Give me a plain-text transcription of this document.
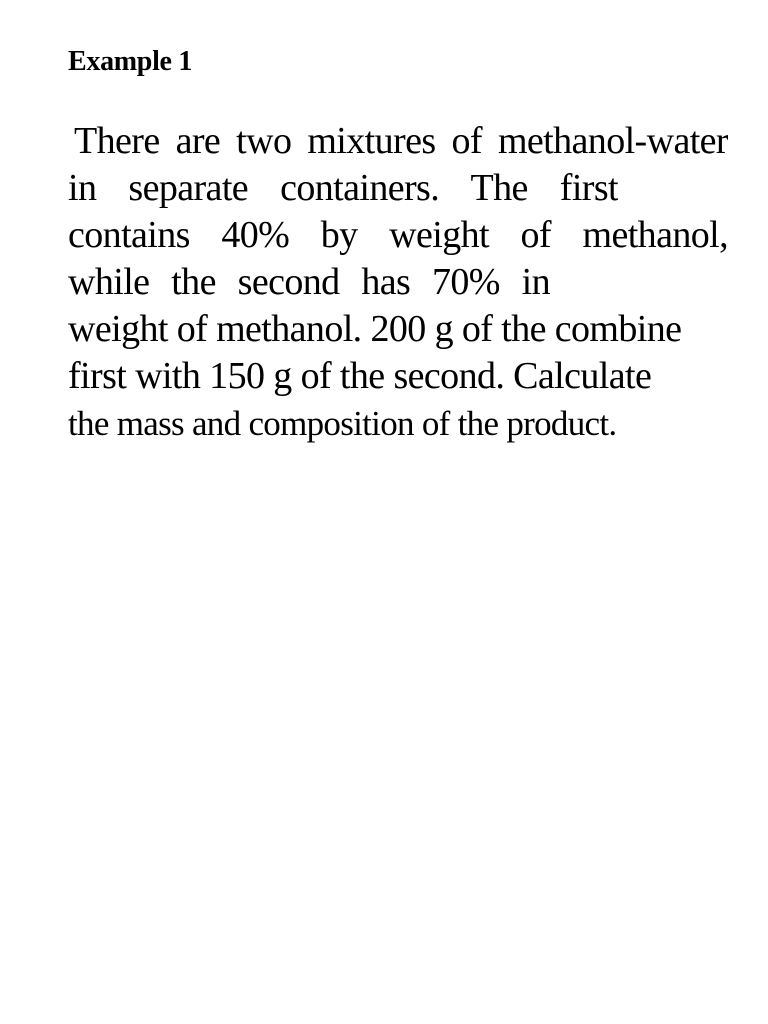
Example 1
There are two mixtures of methanol-water
in separate containers. The first
contains 40% by weight of methanol,
while the second has 70% in
weight of methanol. 200 g of the combine
first with 150 g of the second. Calculate
the mass and composition of the product.
